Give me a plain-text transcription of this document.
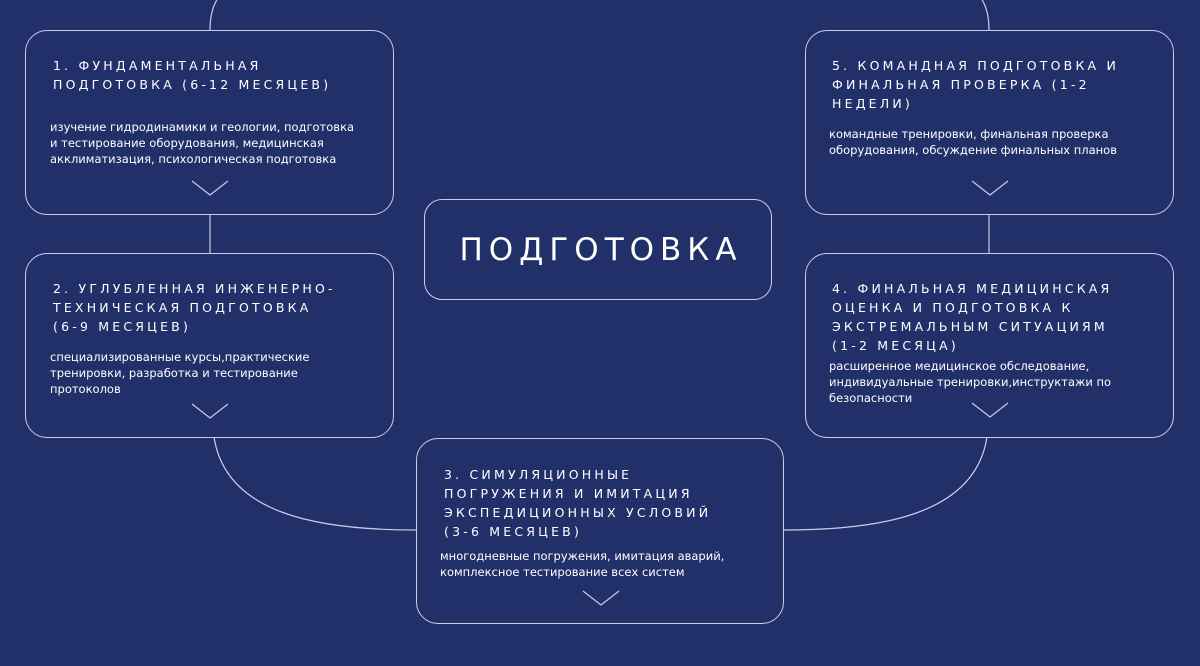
1. ФУНДАМЕНТАЛЬНАЯ
ПОДГОТОВКА (6-12 МЕСЯЦЕВ)
изучение гидродинамики и геологии, подготовка
и тестирование оборудования, медицинская
акклиматизация, психологическая подготовка
2. УГЛУБЛЕННАЯ ИНЖЕНЕРНО-
ТЕХНИЧЕСКАЯ ПОДГОТОВКА
(6-9 МЕСЯЦЕВ)
специализированные курсы,практические
тренировки, разработка и тестирование
протоколов
ПОДГОТОВКА
3. СИМУЛЯЦИОННЫЕ
ПОГРУЖЕНИЯ И ИМИТАЦИЯ
ЭКСПЕДИЦИОННЫХ УСЛОВИЙ
(3-6 МЕСЯЦЕВ)
многодневные погружения, имитация аварий,
комплексное тестирование всех систем
4. ФИНАЛЬНАЯ МЕДИЦИНСКАЯ
ОЦЕНКА И ПОДГОТОВКА К
ЭКСТРЕМАЛЬНЫМ СИТУАЦИЯМ
(1-2 МЕСЯЦА)
расширенное медицинское обследование,
индивидуальные тренировки,инструктажи по
безопасности
5. КОМАНДНАЯ ПОДГОТОВКА И
ФИНАЛЬНАЯ ПРОВЕРКА (1-2
НЕДЕЛИ)
командные тренировки, финальная проверка
оборудования, обсуждение финальных планов
